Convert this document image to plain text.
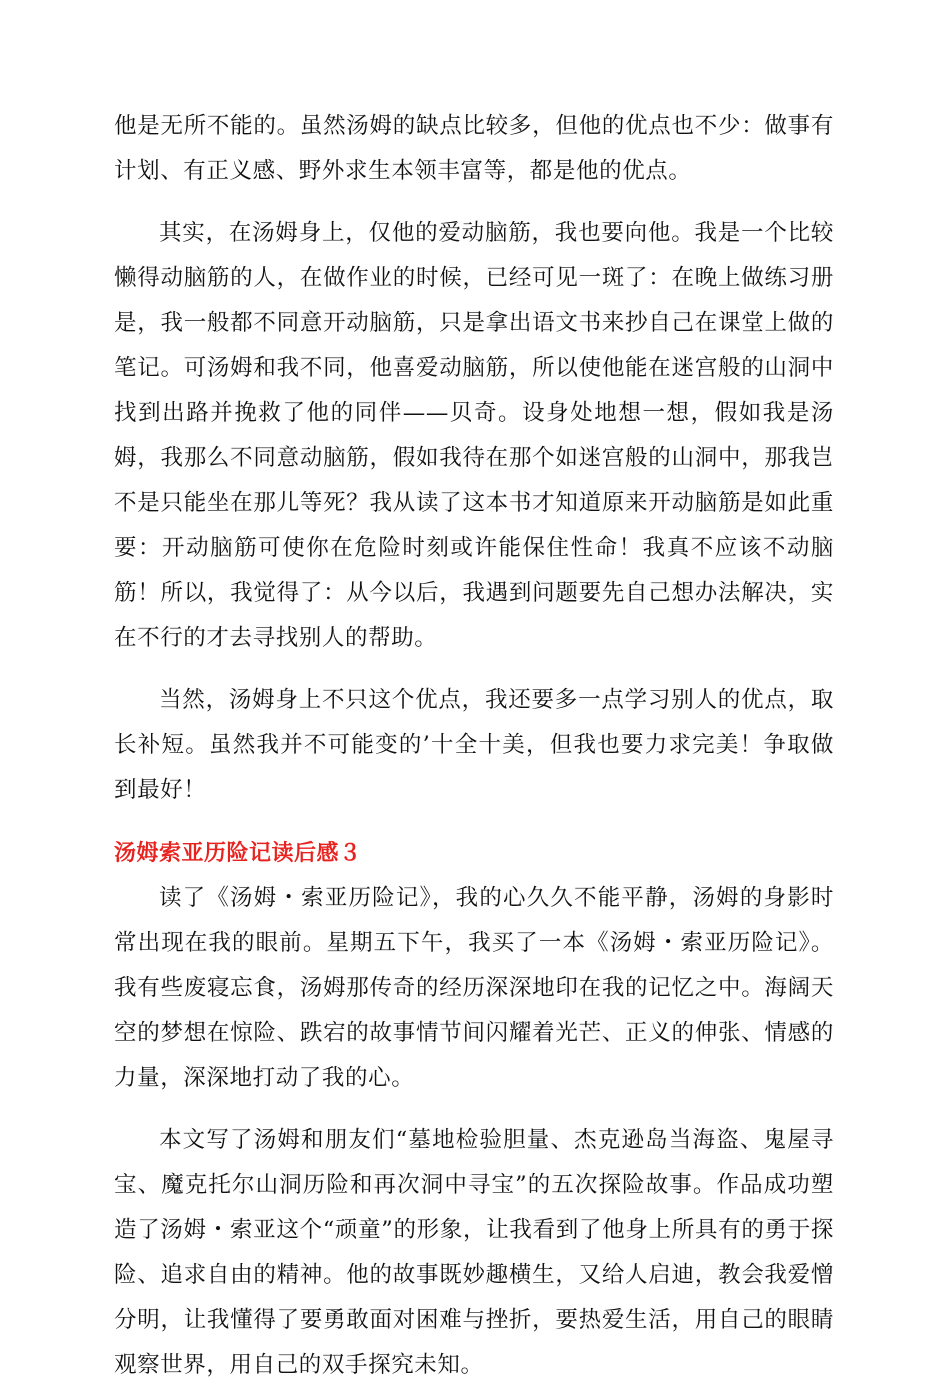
他是无所不能的。虽然汤姆的缺点比较多，但他的优点也不少：做事有计划、有正义感、野外求生本领丰富等，都是他的优点。

其实，在汤姆身上，仅他的爱动脑筋，我也要向他。我是一个比较懒得动脑筋的人，在做作业的时候，已经可见一斑了：在晚上做练习册是，我一般都不同意开动脑筋，只是拿出语文书来抄自己在课堂上做的笔记。可汤姆和我不同，他喜爱动脑筋，所以使他能在迷宫般的山洞中找到出路并挽救了他的同伴——贝奇。设身处地想一想，假如我是汤姆，我那么不同意动脑筋，假如我待在那个如迷宫般的山洞中，那我岂不是只能坐在那儿等死？我从读了这本书才知道原来开动脑筋是如此重要：开动脑筋可使你在危险时刻或许能保住性命！我真不应该不动脑筋！所以，我觉得了：从今以后，我遇到问题要先自己想办法解决，实在不行的才去寻找别人的帮助。

当然，汤姆身上不只这个优点，我还要多一点学习别人的优点，取长补短。虽然我并不可能变的’十全十美，但我也要力求完美！争取做到最好！

汤姆索亚历险记读后感３

读了《汤姆・索亚历险记》，我的心久久不能平静，汤姆的身影时常出现在我的眼前。星期五下午，我买了一本《汤姆・索亚历险记》。我有些废寝忘食，汤姆那传奇的经历深深地印在我的记忆之中。海阔天空的梦想在惊险、跌宕的故事情节间闪耀着光芒、正义的伸张、情感的力量，深深地打动了我的心。

本文写了汤姆和朋友们“墓地检验胆量、杰克逊岛当海盗、鬼屋寻宝、魔克托尔山洞历险和再次洞中寻宝”的五次探险故事。作品成功塑造了汤姆・索亚这个“顽童”的形象，让我看到了他身上所具有的勇于探险、追求自由的精神。他的故事既妙趣横生，又给人启迪，教会我爱憎分明，让我懂得了要勇敢面对困难与挫折，要热爱生活，用自己的眼睛观察世界，用自己的双手探究未知。
